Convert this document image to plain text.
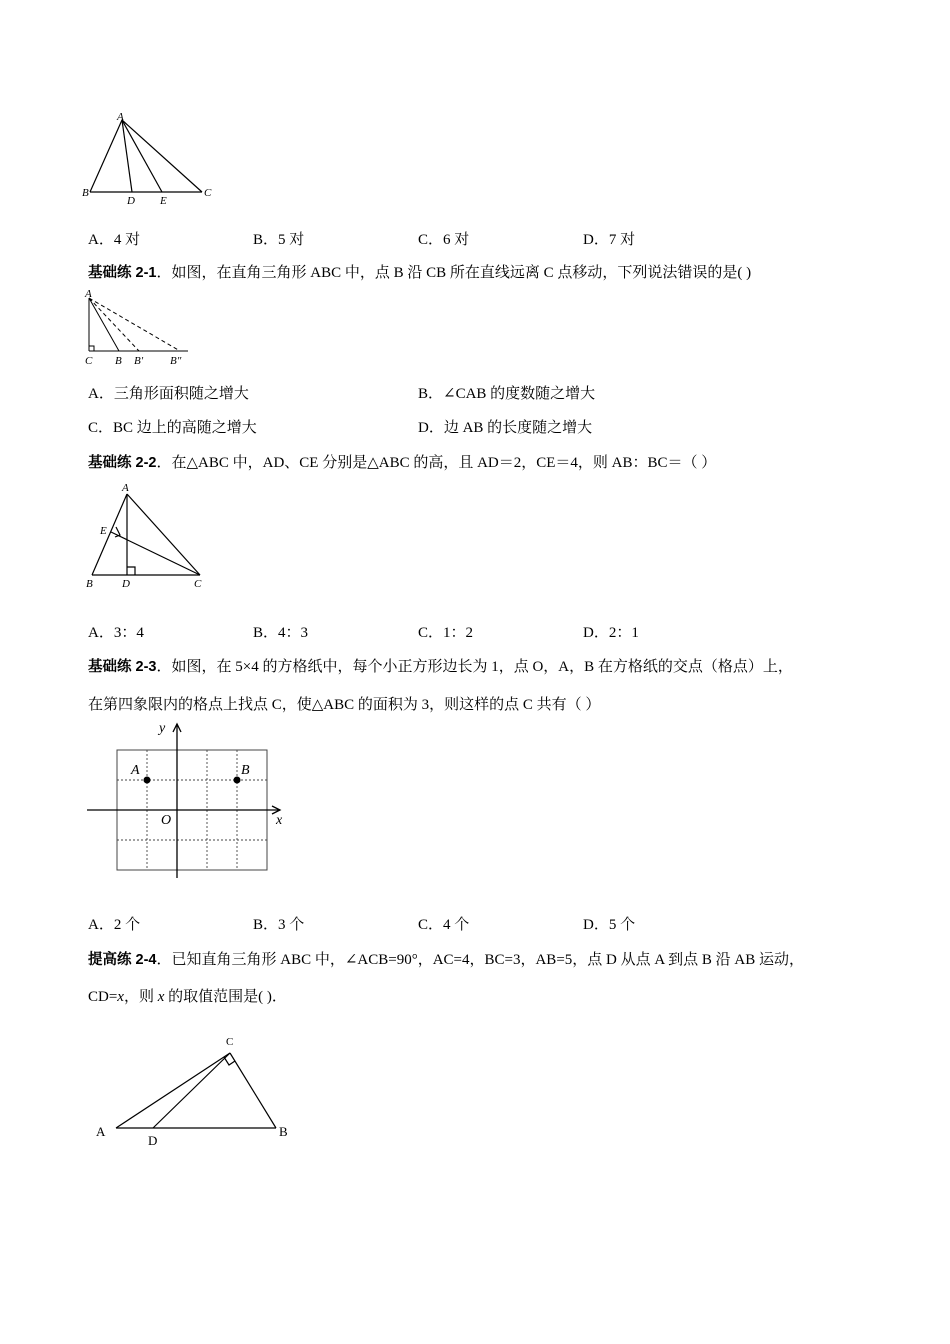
A
B
D E
C
A．4 对	B．5 对	C．6 对	D．7 对
基础练 2-1．如图，在直角三角形 ABC 中，点 B 沿 CB 所在直线远离 C 点移动，下列说法错误的是( )
A
C B B′ B″
A．三角形面积随之增大	B．∠CAB 的度数随之增大
C．BC 边上的高随之增大	D．边 AB 的长度随之增大
基础练 2-2．在△ABC 中，AD、CE 分别是△ABC 的高，且 AD＝2，CE＝4，则 AB：BC＝（ ）
A
E
B	D	C
A．3：4	B．4：3	C．1：2	D．2：1
基础练 2-3．如图，在 5×4 的方格纸中，每个小正方形边长为 1，点 O，A，B 在方格纸的交点（格点）上，
在第四象限内的格点上找点 C，使△ABC 的面积为 3，则这样的点 C 共有（ ）
y
x
O
A	B
A．2 个	B．3 个	C．4 个	D．5 个
提高练 2-4．已知直角三角形 ABC 中，∠ACB=90°，AC=4，BC=3，AB=5，点 D 从点 A 到点 B 沿 AB 运动，
CD=x，则 x 的取值范围是( )．
A	B
C
D
